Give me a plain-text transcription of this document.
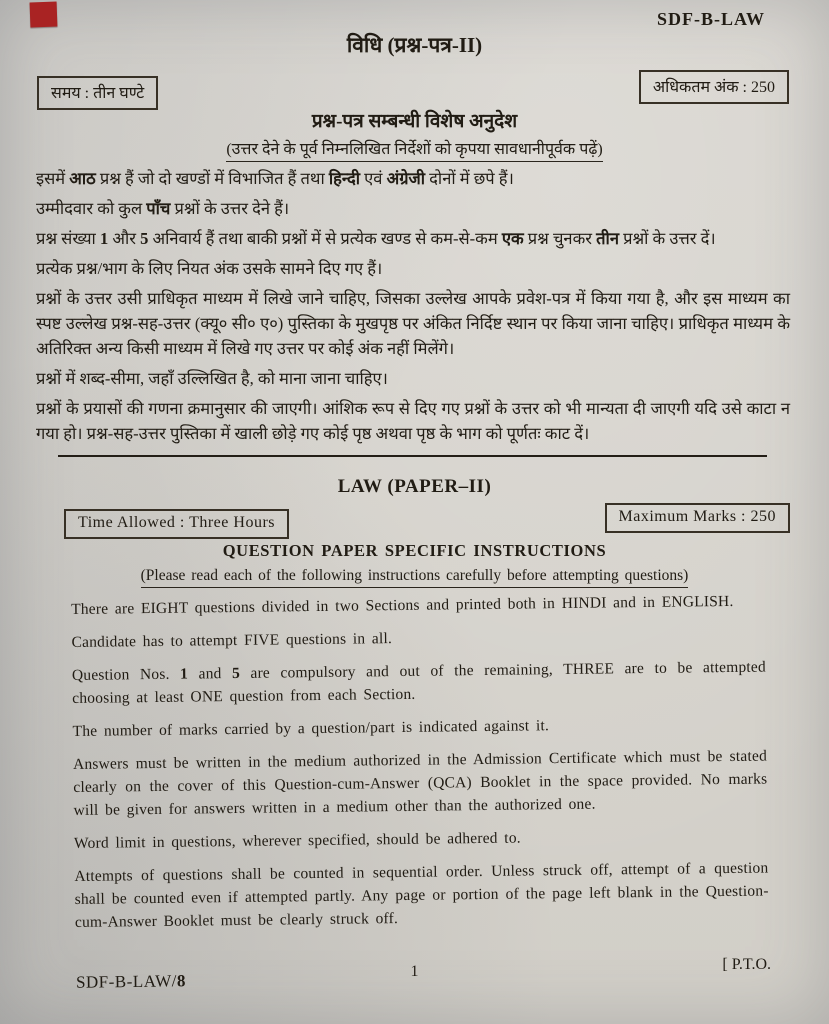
SDF-B-LAW
विधि (प्रश्न-पत्र-II)
समय : तीन घण्टे	अधिकतम अंक : 250
प्रश्न-पत्र सम्बन्धी विशेष अनुदेश
(उत्तर देने के पूर्व निम्नलिखित निर्देशों को कृपया सावधानीपूर्वक पढ़ें)

इसमें आठ प्रश्न हैं जो दो खण्डों में विभाजित हैं तथा हिन्दी एवं अंग्रेजी दोनों में छपे हैं।

उम्मीदवार को कुल पाँच प्रश्नों के उत्तर देने हैं।

प्रश्न संख्या 1 और 5 अनिवार्य हैं तथा बाकी प्रश्नों में से प्रत्येक खण्ड से कम-से-कम एक प्रश्न चुनकर तीन प्रश्नों के उत्तर दें।

प्रत्येक प्रश्न/भाग के लिए नियत अंक उसके सामने दिए गए हैं।

प्रश्नों के उत्तर उसी प्राधिकृत माध्यम में लिखे जाने चाहिए, जिसका उल्लेख आपके प्रवेश-पत्र में किया गया है, और इस माध्यम का स्पष्ट उल्लेख प्रश्न-सह-उत्तर (क्यू० सी० ए०) पुस्तिका के मुखपृष्ठ पर अंकित निर्दिष्ट स्थान पर किया जाना चाहिए। प्राधिकृत माध्यम के अतिरिक्त अन्य किसी माध्यम में लिखे गए उत्तर पर कोई अंक नहीं मिलेंगे।

प्रश्नों में शब्द-सीमा, जहाँ उल्लिखित है, को माना जाना चाहिए।

प्रश्नों के प्रयासों की गणना क्रमानुसार की जाएगी। आंशिक रूप से दिए गए प्रश्नों के उत्तर को भी मान्यता दी जाएगी यदि उसे काटा न गया हो। प्रश्न-सह-उत्तर पुस्तिका में खाली छोड़े गए कोई पृष्ठ अथवा पृष्ठ के भाग को पूर्णतः काट दें।

LAW (PAPER–II)
Time Allowed : Three Hours	Maximum Marks : 250
QUESTION PAPER SPECIFIC INSTRUCTIONS
(Please read each of the following instructions carefully before attempting questions)

There are EIGHT questions divided in two Sections and printed both in HINDI and in ENGLISH.

Candidate has to attempt FIVE questions in all.

Question Nos. 1 and 5 are compulsory and out of the remaining, THREE are to be attempted choosing at least ONE question from each Section.

The number of marks carried by a question/part is indicated against it.

Answers must be written in the medium authorized in the Admission Certificate which must be stated clearly on the cover of this Question-cum-Answer (QCA) Booklet in the space provided. No marks will be given for answers written in a medium other than the authorized one.

Word limit in questions, wherever specified, should be adhered to.

Attempts of questions shall be counted in sequential order. Unless struck off, attempt of a question shall be counted even if attempted partly. Any page or portion of the page left blank in the Question-cum-Answer Booklet must be clearly struck off.

SDF-B-LAW/8	1	[ P.T.O.
